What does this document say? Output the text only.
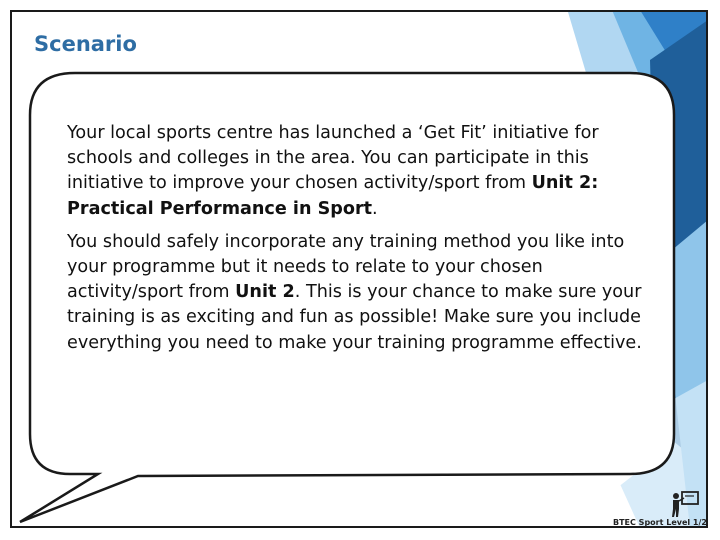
Scenario

Your local sports centre has launched a ‘Get Fit’ initiative for schools and colleges in the area. You can participate in this initiative to improve your chosen activity/sport from Unit 2: Practical Performance in Sport.

You should safely incorporate any training method you like into your programme but it needs to relate to your chosen activity/sport from Unit 2. This is your chance to make sure your training is as exciting and fun as possible! Make sure you include everything you need to make your training programme effective.

BTEC Sport Level 1/2
